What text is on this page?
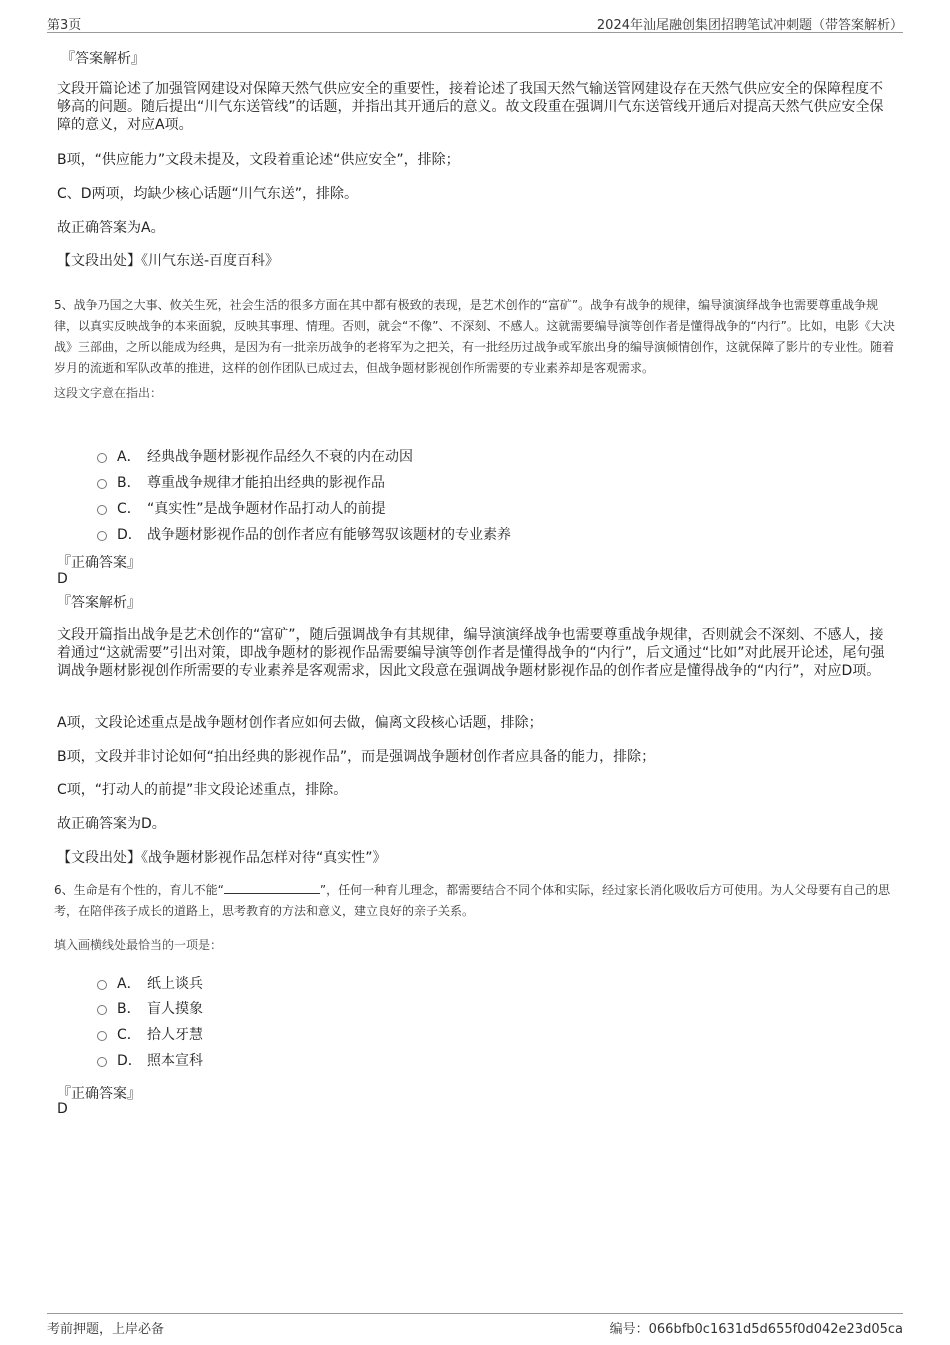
第3页	2024年汕尾融创集团招聘笔试冲刺题（带答案解析）
『答案解析』

文段开篇论述了加强管网建设对保障天然气供应安全的重要性，接着论述了我国天然气输送管网建设存在天然气供应安全的保障程度不够高的问题。随后提出“川气东送管线”的话题，并指出其开通后的意义。故文段重在强调川气东送管线开通后对提高天然气供应安全保障的意义，对应A项。

B项，“供应能力”文段未提及，文段着重论述“供应安全”，排除；

C、D两项，均缺少核心话题“川气东送”，排除。

故正确答案为A。

【文段出处】《川气东送-百度百科》

5、战争乃国之大事、攸关生死，社会生活的很多方面在其中都有极致的表现，是艺术创作的“富矿”。战争有战争的规律，编导演演绎战争也需要尊重战争规律，以真实反映战争的本来面貌，反映其事理、情理。否则，就会“不像”、不深刻、不感人。这就需要编导演等创作者是懂得战争的“内行”。比如，电影《大决战》三部曲，之所以能成为经典，是因为有一批亲历战争的老将军为之把关，有一批经历过战争或军旅出身的编导演倾情创作，这就保障了影片的专业性。随着岁月的流逝和军队改革的推进，这样的创作团队已成过去，但战争题材影视创作所需要的专业素养却是客观需求。

这段文字意在指出：

A． 经典战争题材影视作品经久不衰的内在动因
B． 尊重战争规律才能拍出经典的影视作品
C． “真实性”是战争题材作品打动人的前提
D． 战争题材影视作品的创作者应有能够驾驭该题材的专业素养
『正确答案』
D
『答案解析』

文段开篇指出战争是艺术创作的“富矿”，随后强调战争有其规律，编导演演绎战争也需要尊重战争规律，否则就会不深刻、不感人，接着通过“这就需要”引出对策，即战争题材的影视作品需要编导演等创作者是懂得战争的“内行”，后文通过“比如”对此展开论述，尾句强调战争题材影视创作所需要的专业素养是客观需求，因此文段意在强调战争题材影视作品的创作者应是懂得战争的“内行”，对应D项。

A项，文段论述重点是战争题材创作者应如何去做，偏离文段核心话题，排除；

B项，文段并非讨论如何“拍出经典的影视作品”，而是强调战争题材创作者应具备的能力，排除；

C项，“打动人的前提”非文段论述重点，排除。

故正确答案为D。

【文段出处】《战争题材影视作品怎样对待“真实性”》

6、生命是有个性的，育儿不能“	”，任何一种育儿理念，都需要结合不同个体和实际，经过家长消化吸收后方可使用。为人父母要有自己的思考，在陪伴孩子成长的道路上，思考教育的方法和意义，建立良好的亲子关系。

填入画横线处最恰当的一项是：

A． 纸上谈兵
B． 盲人摸象
C． 拾人牙慧
D． 照本宣科
『正确答案』
D
考前押题，上岸必备	编号：066bfb0c1631d5d655f0d042e23d05ca
